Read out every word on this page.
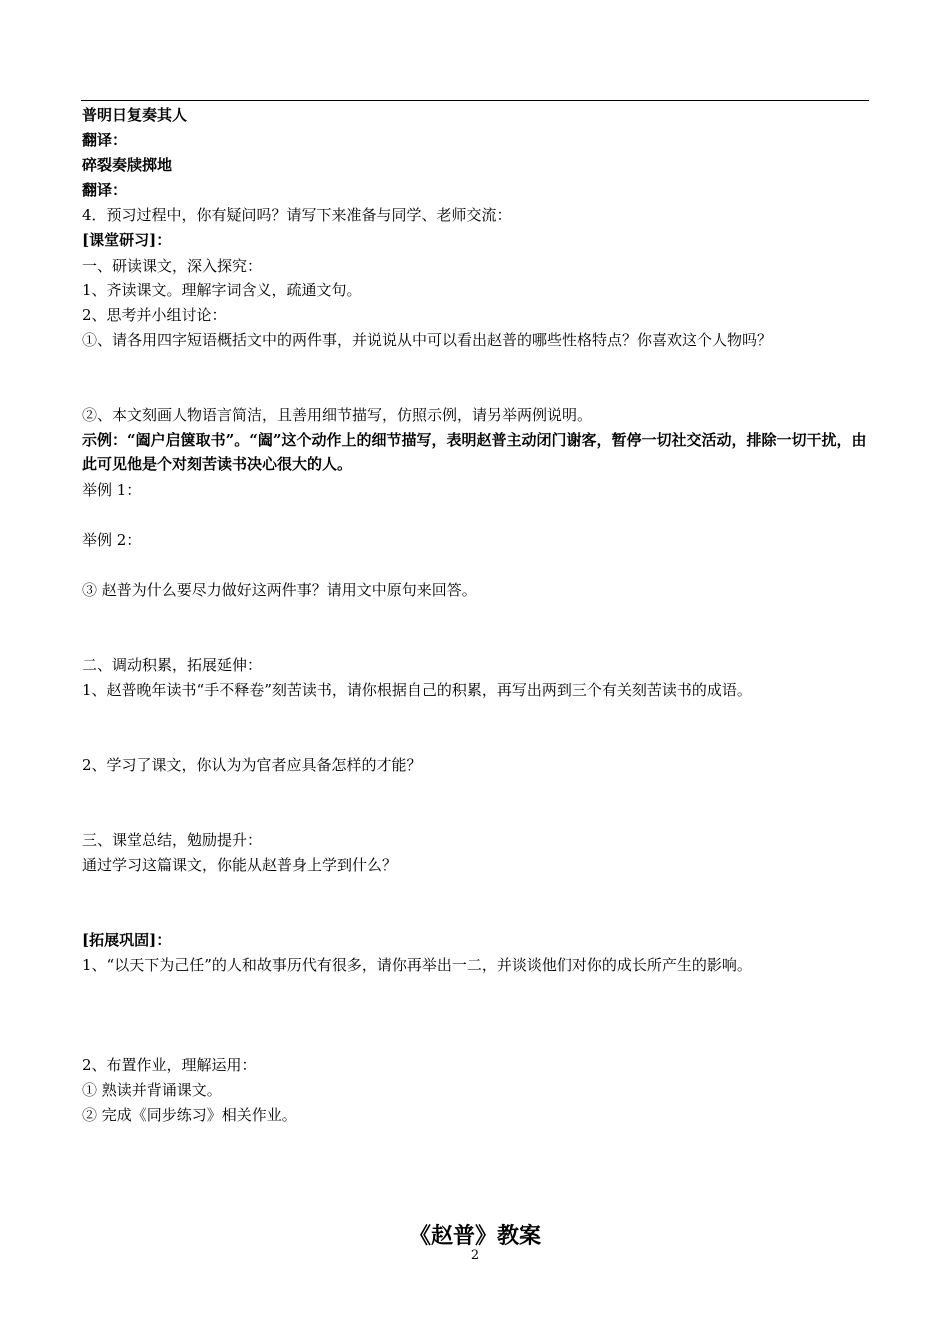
普明日复奏其人
翻译：
碎裂奏牍掷地
翻译：
4．预习过程中，你有疑问吗？请写下来准备与同学、老师交流：
[课堂研习]：
一、研读课文，深入探究：
1、齐读课文。理解字词含义，疏通文句。
2、思考并小组讨论：
①、请各用四字短语概括文中的两件事，并说说从中可以看出赵普的哪些性格特点？你喜欢这个人物吗？
②、本文刻画人物语言简洁，且善用细节描写，仿照示例，请另举两例说明。
示例：“阖户启箧取书”。“阖”这个动作上的细节描写，表明赵普主动闭门谢客，暂停一切社交活动，排除一切干扰，由此可见他是个对刻苦读书决心很大的人。
举例 1：
举例 2：
③ 赵普为什么要尽力做好这两件事？请用文中原句来回答。
二、调动积累，拓展延伸：
1、赵普晚年读书“手不释卷”刻苦读书，请你根据自己的积累，再写出两到三个有关刻苦读书的成语。
2、学习了课文，你认为为官者应具备怎样的才能？
三、课堂总结，勉励提升：
通过学习这篇课文，你能从赵普身上学到什么？
[拓展巩固]：
1、“以天下为己任”的人和故事历代有很多，请你再举出一二，并谈谈他们对你的成长所产生的影响。
2、布置作业，理解运用：
① 熟读并背诵课文。
② 完成《同步练习》相关作业。
《赵普》教案
2
